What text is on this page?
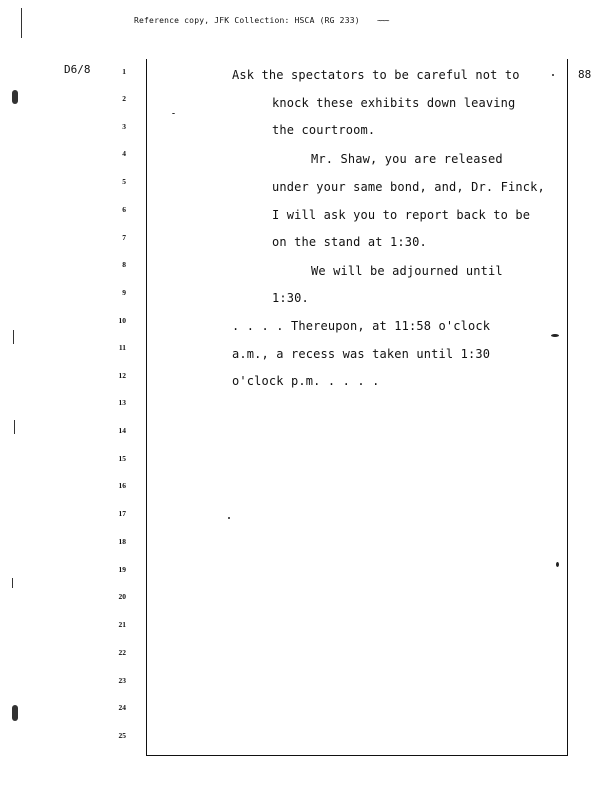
Reference copy, JFK Collection: HSCA (RG 233) ~~~
D6/8	88
1
2
3
4
5
6
7
8
9
10
11
12
13
14
15
16
17
18
19
20
21
22
23
24
25
Ask the spectators to be careful not to
knock these exhibits down leaving
the courtroom.
Mr. Shaw, you are released
under your same bond, and, Dr. Finck,
I will ask you to report back to be
on the stand at 1:30.
We will be adjourned until
1:30.
. . . . Thereupon, at 11:58 o'clock
a.m., a recess was taken until 1:30
o'clock p.m. . . . .
